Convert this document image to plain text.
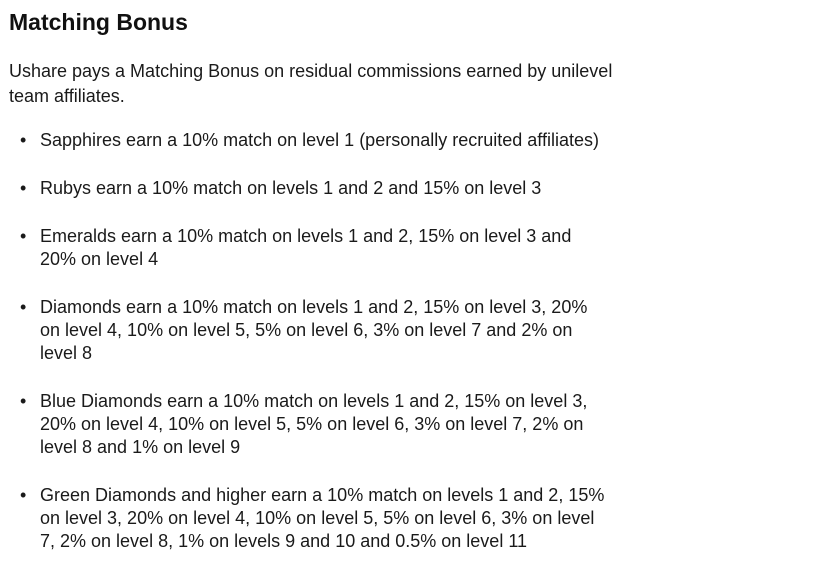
Matching Bonus

Ushare pays a Matching Bonus on residual commissions earned by unilevel team affiliates.

• Sapphires earn a 10% match on level 1 (personally recruited affiliates)
• Rubys earn a 10% match on levels 1 and 2 and 15% on level 3
• Emeralds earn a 10% match on levels 1 and 2, 15% on level 3 and
20% on level 4
• Diamonds earn a 10% match on levels 1 and 2, 15% on level 3, 20%
on level 4, 10% on level 5, 5% on level 6, 3% on level 7 and 2% on
level 8
• Blue Diamonds earn a 10% match on levels 1 and 2, 15% on level 3,
20% on level 4, 10% on level 5, 5% on level 6, 3% on level 7, 2% on
level 8 and 1% on level 9
• Green Diamonds and higher earn a 10% match on levels 1 and 2, 15%
on level 3, 20% on level 4, 10% on level 5, 5% on level 6, 3% on level
7, 2% on level 8, 1% on levels 9 and 10 and 0.5% on level 11
